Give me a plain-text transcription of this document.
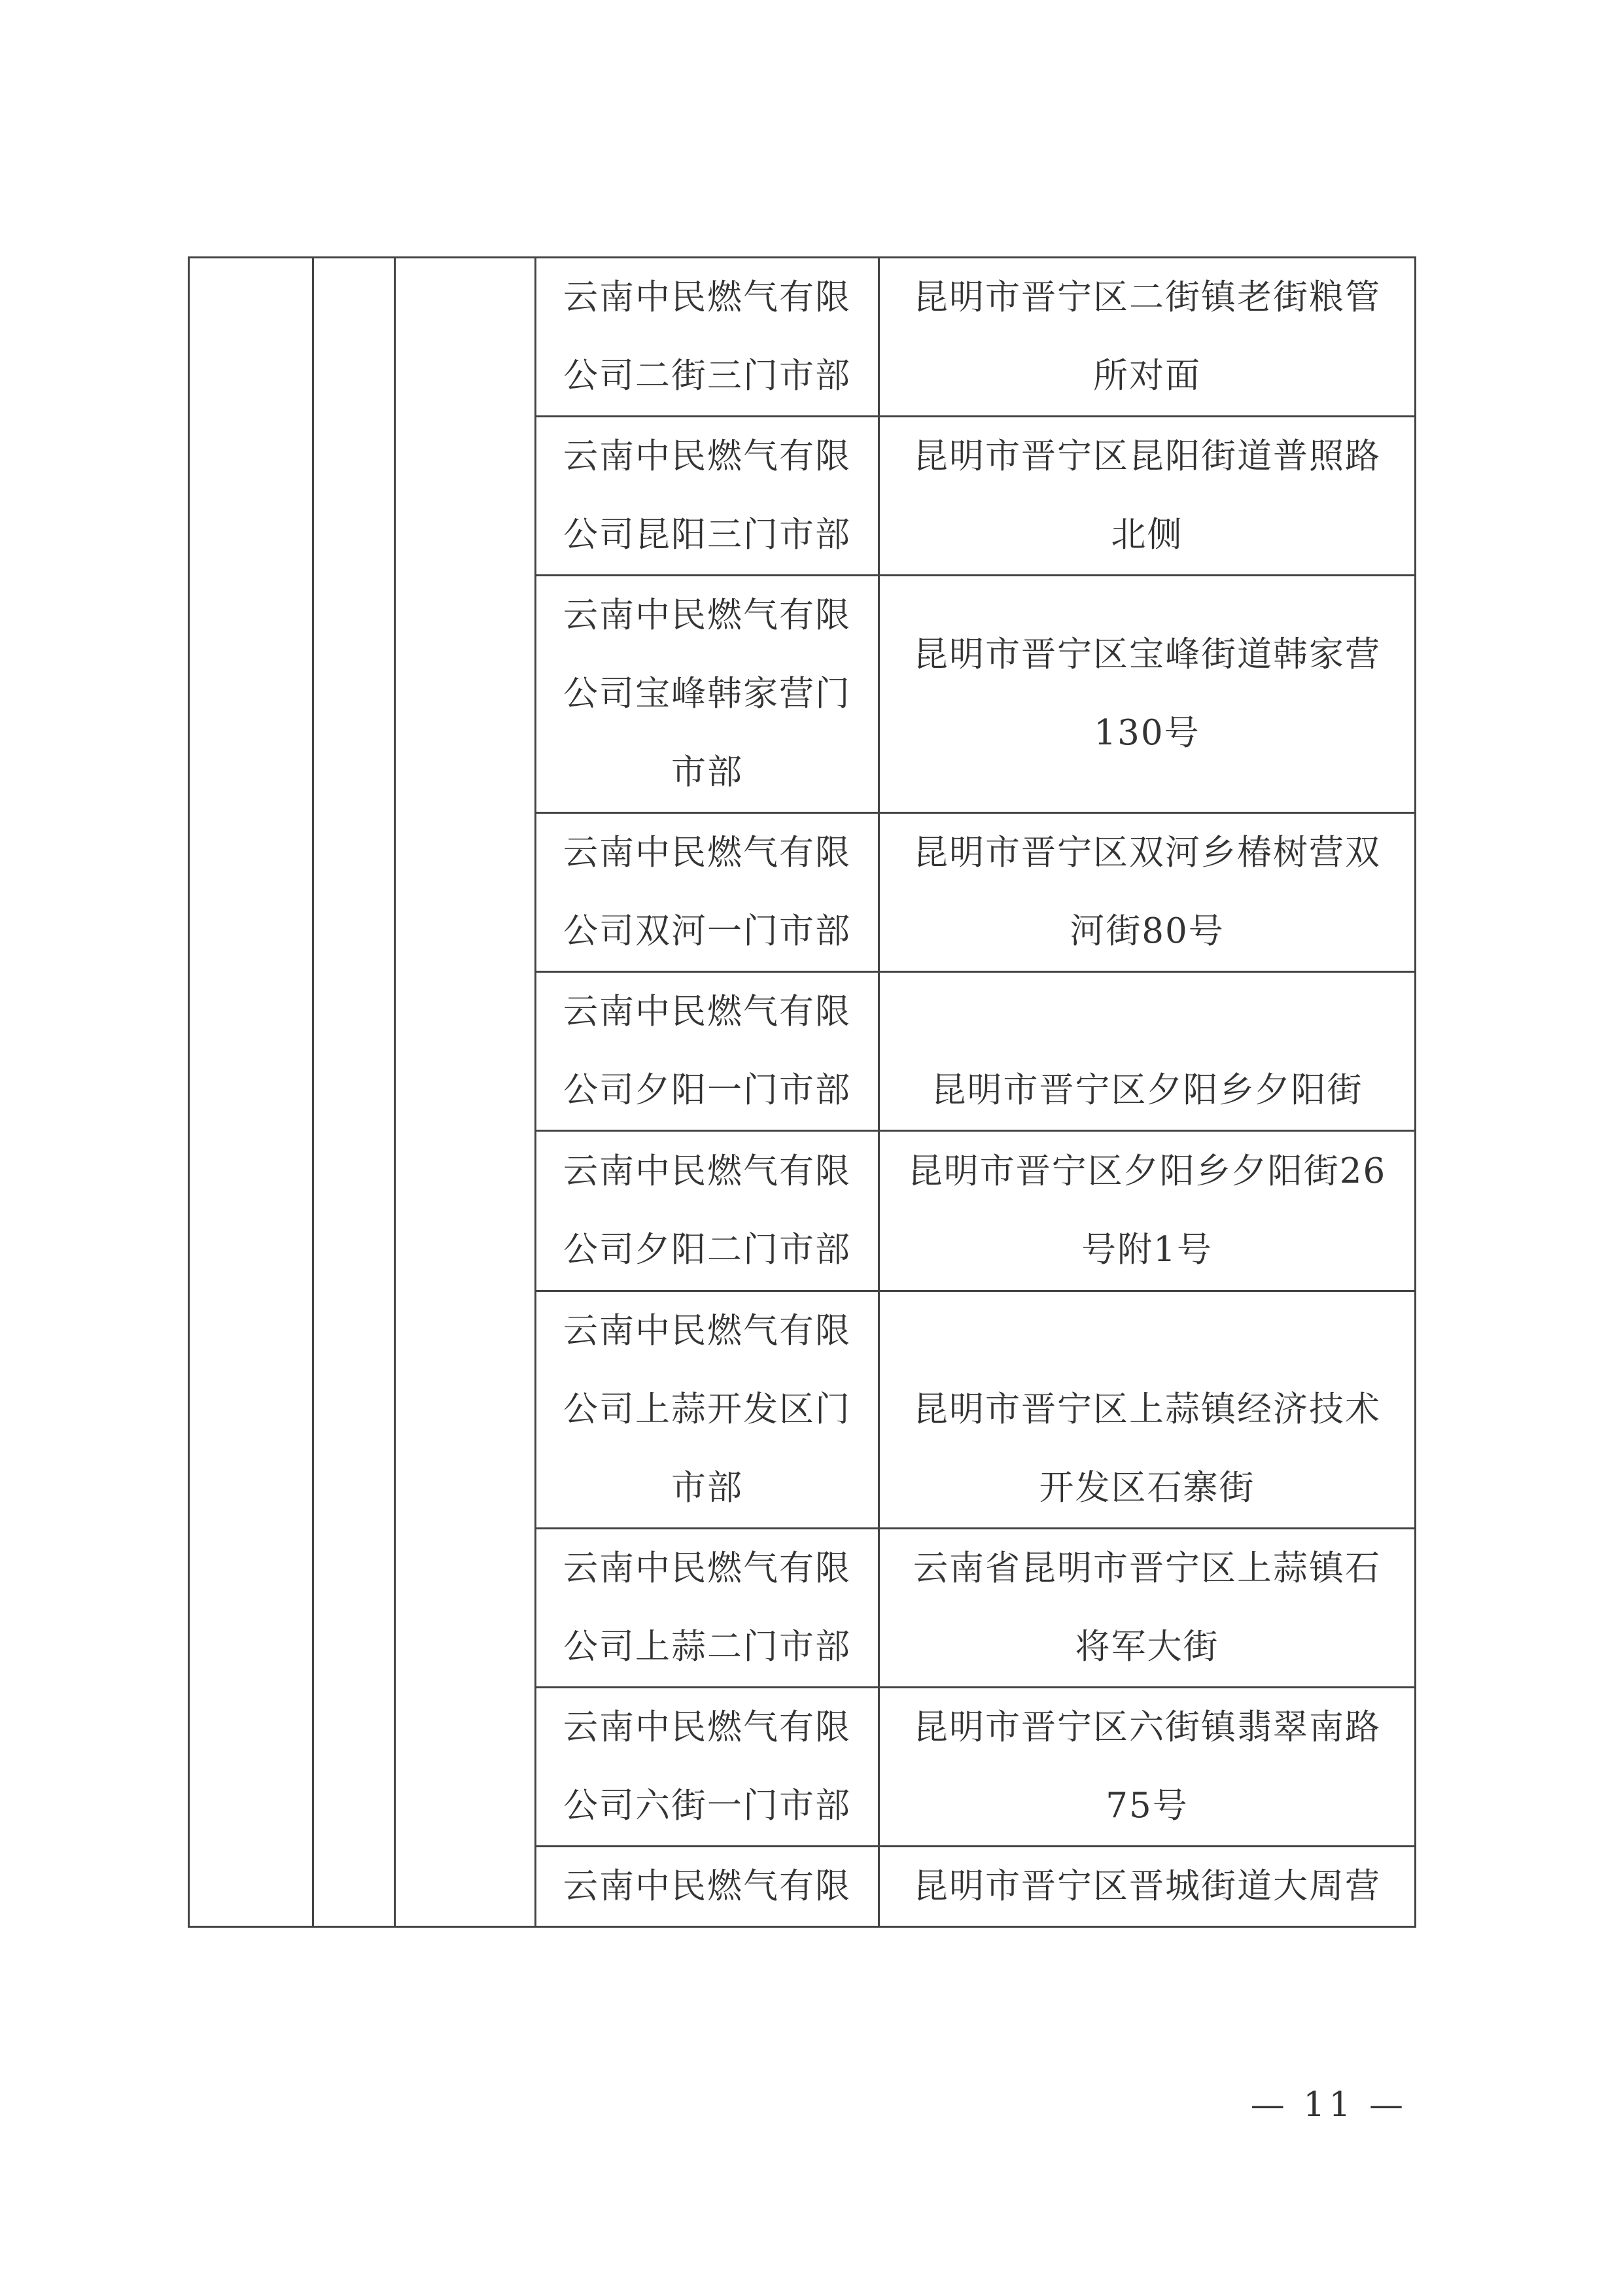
			云南中民燃气有限
公司二街三门市部	昆明市晋宁区二街镇老街粮管
所对面

			云南中民燃气有限
公司昆阳三门市部	昆明市晋宁区昆阳街道普照路
北侧

			云南中民燃气有限
公司宝峰韩家营门
市部	昆明市晋宁区宝峰街道韩家营
130号

			云南中民燃气有限
公司双河一门市部	昆明市晋宁区双河乡椿树营双
河街80号

			云南中民燃气有限
公司夕阳一门市部	昆明市晋宁区夕阳乡夕阳街

			云南中民燃气有限
公司夕阳二门市部	昆明市晋宁区夕阳乡夕阳街26
号附1号

			云南中民燃气有限
公司上蒜开发区门
市部	昆明市晋宁区上蒜镇经济技术
开发区石寨街

			云南中民燃气有限
公司上蒜二门市部	云南省昆明市晋宁区上蒜镇石
将军大街

			云南中民燃气有限
公司六街一门市部	昆明市晋宁区六街镇翡翠南路
75号

			云南中民燃气有限	昆明市晋宁区晋城街道大周营
— 11 —
